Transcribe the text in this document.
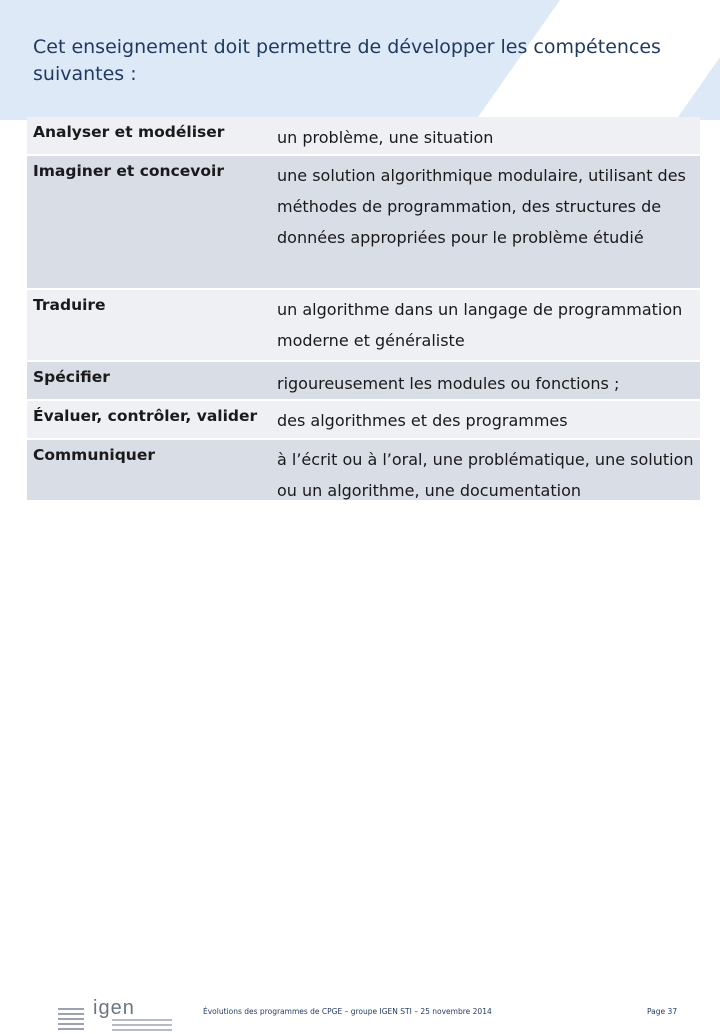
Cet enseignement doit permettre de développer les compétences suivantes :
Analyser et modéliser	un problème, une situation
Imaginer et concevoir	une solution algorithmique modulaire, utilisant des méthodes de programmation, des structures de données appropriées pour le problème étudié
Traduire	un algorithme dans un langage de programmation moderne et généraliste
Spécifier	rigoureusement les modules ou fonctions ;
Évaluer, contrôler, valider	des algorithmes et des programmes
Communiquer	à l’écrit ou à l’oral, une problématique, une solution ou un algorithme, une documentation
igen	Évolutions des programmes de CPGE – groupe IGEN STI – 25 novembre 2014	Page 37
